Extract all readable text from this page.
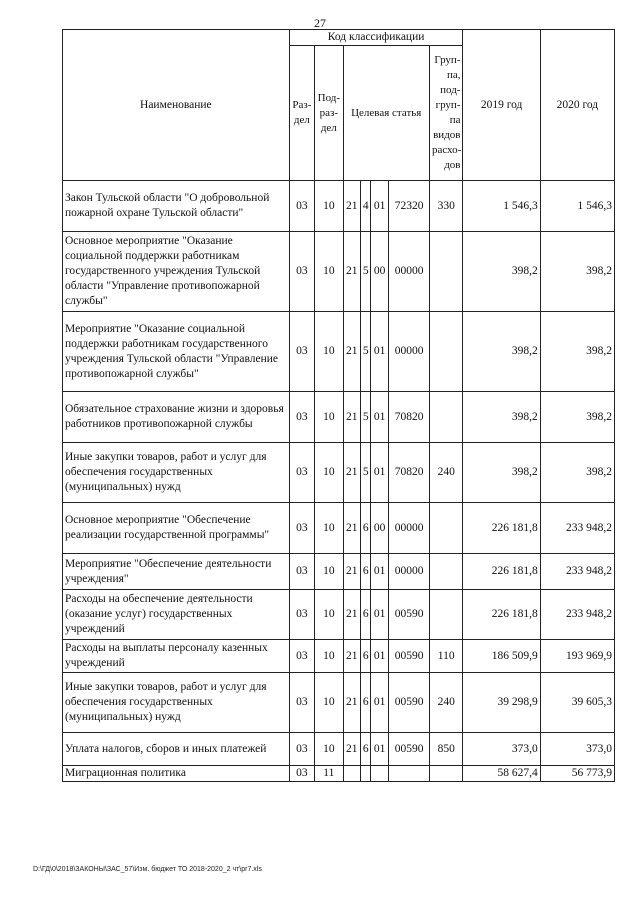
27
Наименование	Код классификации							2019 год	2020 год
	Раз-дел	Под-раз-дел	Целевая статья				Груп-па, под-груп-па видов расхо-дов		
Закон Тульской области "О добровольной пожарной охране Тульской области"	03	10	21	4	01	72320	330	1 546,3	1 546,3
Основное мероприятие "Оказание социальной поддержки работникам государственного учреждения Тульской области "Управление противопожарной службы"	03	10	21	5	00	00000		398,2	398,2
Мероприятие "Оказание социальной поддержки работникам государственного учреждения Тульской области "Управление противопожарной службы"	03	10	21	5	01	00000		398,2	398,2
Обязательное страхование жизни и здоровья работников противопожарной службы	03	10	21	5	01	70820		398,2	398,2
Иные закупки товаров, работ и услуг для обеспечения государственных (муниципальных) нужд	03	10	21	5	01	70820	240	398,2	398,2
Основное мероприятие "Обеспечение реализации государственной программы"	03	10	21	6	00	00000		226 181,8	233 948,2
Мероприятие "Обеспечение деятельности учреждения"	03	10	21	6	01	00000		226 181,8	233 948,2
Расходы на обеспечение деятельности (оказание услуг) государственных учреждений	03	10	21	6	01	00590		226 181,8	233 948,2
Расходы на выплаты персоналу казенных учреждений	03	10	21	6	01	00590	110	186 509,9	193 969,9
Иные закупки товаров, работ и услуг для обеспечения государственных (муниципальных) нужд	03	10	21	6	01	00590	240	39 298,9	39 605,3
Уплата налогов, сборов и иных платежей	03	10	21	6	01	00590	850	373,0	373,0
Миграционная политика	03	11						58 627,4	56 773,9
D:\ГД\0\2018\ЗАКОНЫ\ЗАС_57\Изм. бюджет ТО 2018-2020_2 чт\pr7.xls
